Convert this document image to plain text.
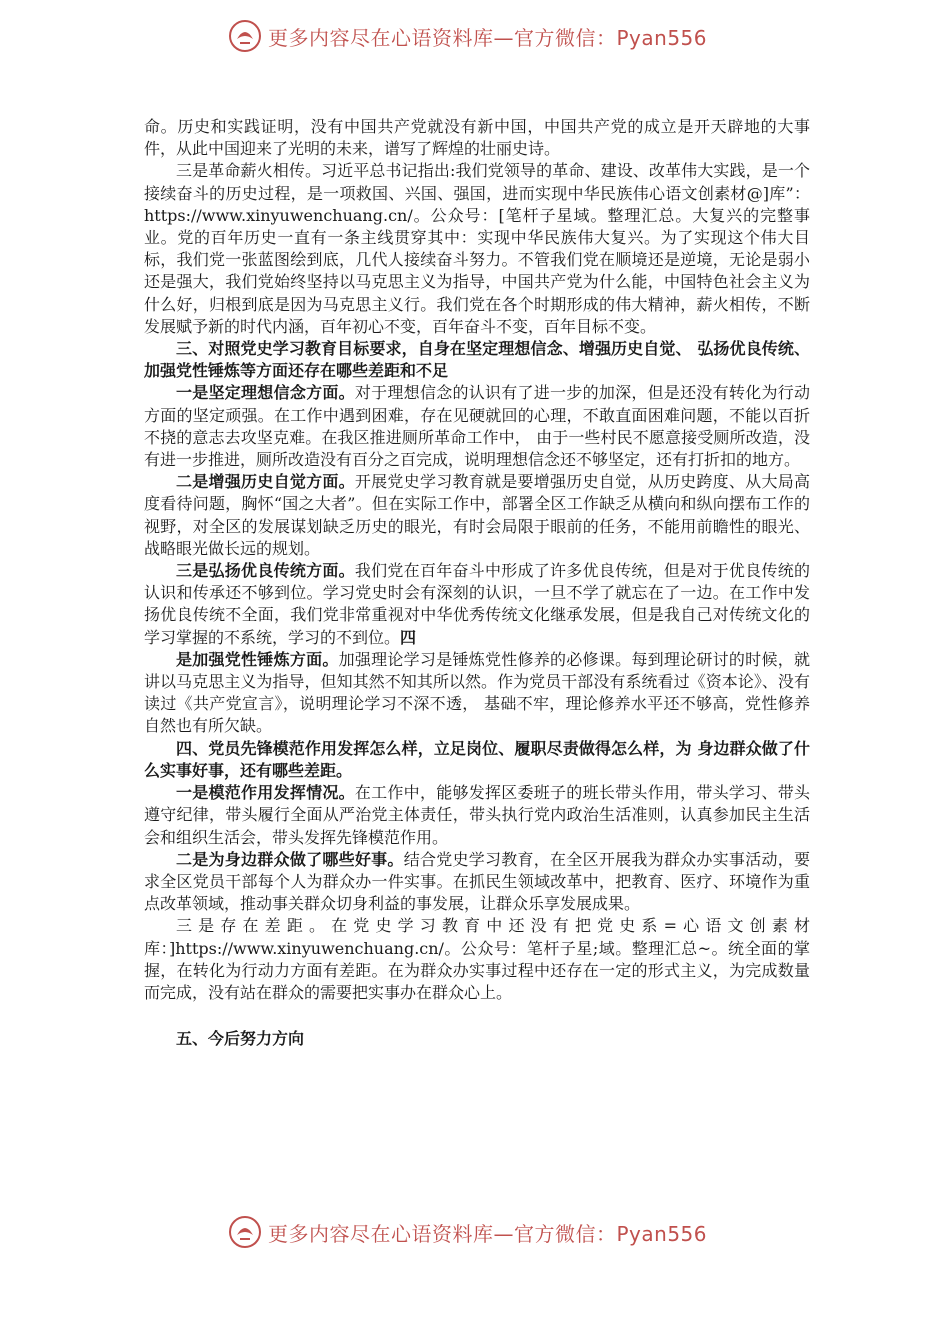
更多内容尽在心语资料库—官方微信：Pyan556

命。历史和实践证明，没有中国共产党就没有新中国，中国共产党的成立是开天辟地的大事件，从此中国迎来了光明的未来，谱写了辉煌的壮丽史诗。

三是革命薪火相传。习近平总书记指出:我们党领导的革命、建设、改革伟大实践，是一个接续奋斗的历史过程，是一项救国、兴国、强国，进而实现中华民族伟心语文创素材@]库”：https://www.xinyuwenchuang.cn/。公众号：[笔杆子星域。整理汇总。大复兴的完整事业。党的百年历史一直有一条主线贯穿其中：实现中华民族伟大复兴。为了实现这个伟大目标，我们党一张蓝图绘到底，几代人接续奋斗努力。不管我们党在顺境还是逆境，无论是弱小还是强大，我们党始终坚持以马克思主义为指导，中国共产党为什么能，中国特色社会主义为什么好，归根到底是因为马克思主义行。我们党在各个时期形成的伟大精神，薪火相传，不断发展赋予新的时代内涵，百年初心不变，百年奋斗不变，百年目标不变。

三、对照党史学习教育目标要求，自身在坚定理想信念、增强历史自觉、 弘扬优良传统、加强党性锤炼等方面还存在哪些差距和不足

一是坚定理想信念方面。对于理想信念的认识有了进一步的加深，但是还没有转化为行动方面的坚定顽强。在工作中遇到困难，存在见硬就回的心理，不敢直面困难问题，不能以百折不挠的意志去攻坚克难。在我区推进厕所革命工作中， 由于一些村民不愿意接受厕所改造，没有进一步推进，厕所改造没有百分之百完成，说明理想信念还不够坚定，还有打折扣的地方。

二是增强历史自觉方面。开展党史学习教育就是要增强历史自觉，从历史跨度、从大局高度看待问题，胸怀“国之大者”。但在实际工作中，部署全区工作缺乏从横向和纵向摆布工作的视野，对全区的发展谋划缺乏历史的眼光，有时会局限于眼前的任务，不能用前瞻性的眼光、战略眼光做长远的规划。

三是弘扬优良传统方面。我们党在百年奋斗中形成了许多优良传统，但是对于优良传统的认识和传承还不够到位。学习党史时会有深刻的认识，一旦不学了就忘在了一边。在工作中发扬优良传统不全面，我们党非常重视对中华优秀传统文化继承发展，但是我自己对传统文化的学习掌握的不系统，学习的不到位。四

是加强党性锤炼方面。加强理论学习是锤炼党性修养的必修课。每到理论研讨的时候，就讲以马克思主义为指导，但知其然不知其所以然。作为党员干部没有系统看过《资本论》、没有读过《共产党宣言》，说明理论学习不深不透， 基础不牢，理论修养水平还不够高，党性修养自然也有所欠缺。

四、党员先锋模范作用发挥怎么样，立足岗位、履职尽责做得怎么样，为 身边群众做了什么实事好事，还有哪些差距。

一是模范作用发挥情况。在工作中，能够发挥区委班子的班长带头作用，带头学习、带头遵守纪律，带头履行全面从严治党主体责任，带头执行党内政治生活准则，认真参加民主生活会和组织生活会，带头发挥先锋模范作用。

二是为身边群众做了哪些好事。结合党史学习教育，在全区开展我为群众办实事活动，要求全区党员干部每个人为群众办一件实事。在抓民生领域改革中，把教育、医疗、环境作为重点改革领域，推动事关群众切身利益的事发展，让群众乐享发展成果。

三是存在差距。在党史学习教育中还没有把党史系=心语文创素材库：]https://www.xinyuwenchuang.cn/。公众号：笔杆子星;域。整理汇总~。统全面的掌握，在转化为行动力方面有差距。在为群众办实事过程中还存在一定的形式主义，为完成数量而完成，没有站在群众的需要把实事办在群众心上。

五、今后努力方向

更多内容尽在心语资料库—官方微信：Pyan556
